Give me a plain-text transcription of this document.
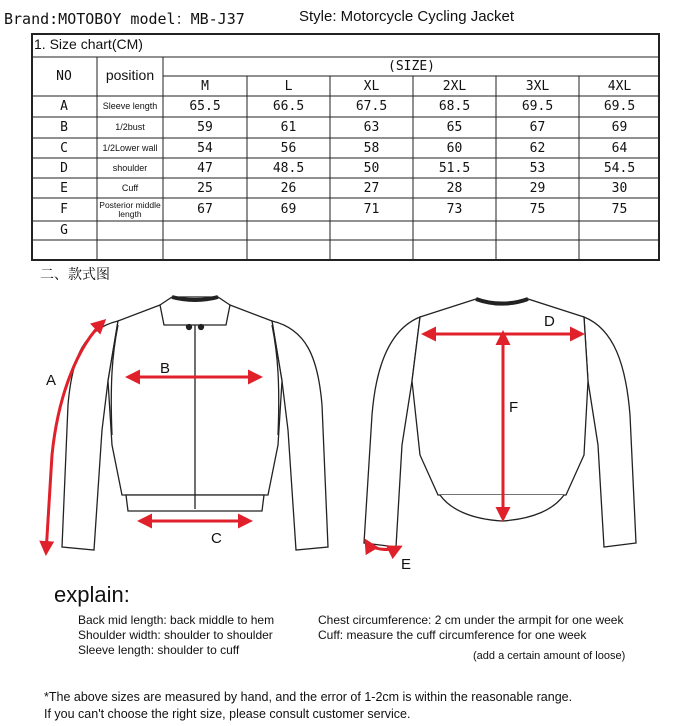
Brand:MOTOBOY model：MB-J37	Style: Motorcycle Cycling Jacket
1. Size chart(CM)
NO	position	(SIZE)
M	L	XL	2XL	3XL	4XL
A	Sleeve length	65.5	66.5	67.5	68.5	69.5	69.5
B	1/2bust	59	61	63	65	67	69
C	1/2Lower wall	54	56	58	60	62	64
D	shoulder	47	48.5	50	51.5	53	54.5
E	Cuff	25	26	27	28	29	30
F	Posterior middle length	67	69	71	73	75	75
G
二、款式图
A
B
C
D
E
F
explain:
Back mid length: back middle to hem
Shoulder width: shoulder to shoulder
Sleeve length: shoulder to cuff
Chest circumference: 2 cm under the armpit for one week
Cuff: measure the cuff circumference for one week
(add a certain amount of loose)
*The above sizes are measured by hand, and the error of 1-2cm is within the reasonable range.
If you can't choose the right size, please consult customer service.
